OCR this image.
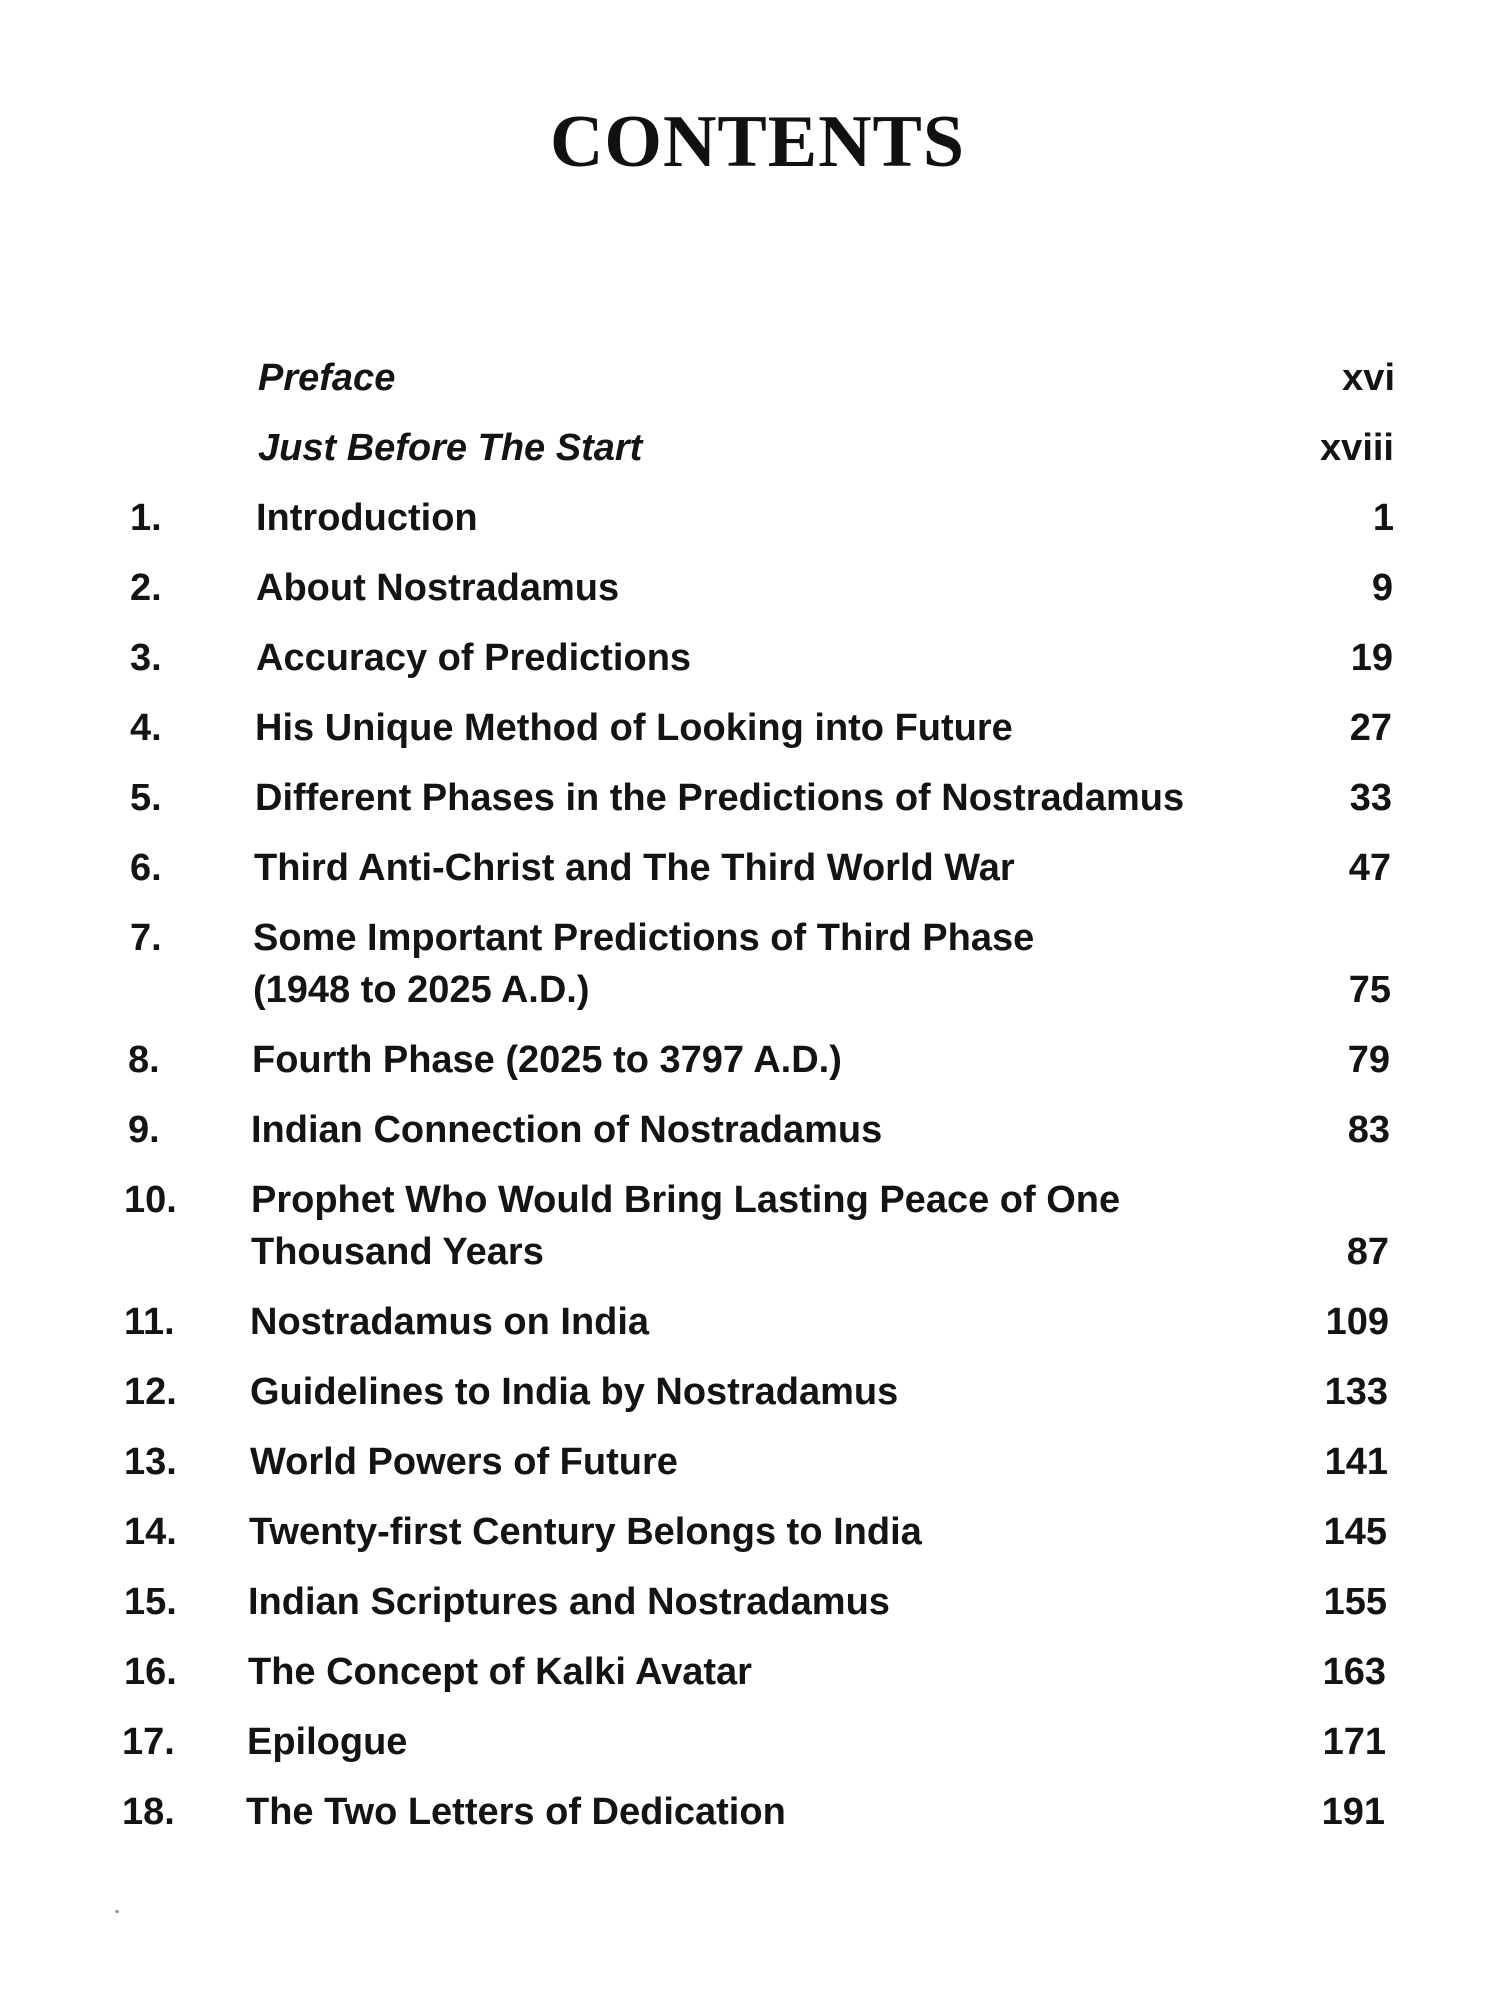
CONTENTS
Preface	xvi
Just Before The Start	xviii
1. Introduction	1
2. About Nostradamus	9
3. Accuracy of Predictions	19
4. His Unique Method of Looking into Future	27
5. Different Phases in the Predictions of Nostradamus	33
6. Third Anti-Christ and The Third World War	47
7. Some Important Predictions of Third Phase
(1948 to 2025 A.D.)	75
8. Fourth Phase (2025 to 3797 A.D.)	79
9. Indian Connection of Nostradamus	83
10. Prophet Who Would Bring Lasting Peace of One
Thousand Years	87
11. Nostradamus on India	109
12. Guidelines to India by Nostradamus	133
13. World Powers of Future	141
14. Twenty-first Century Belongs to India	145
15. Indian Scriptures and Nostradamus	155
16. The Concept of Kalki Avatar	163
17. Epilogue	171
18. The Two Letters of Dedication	191
